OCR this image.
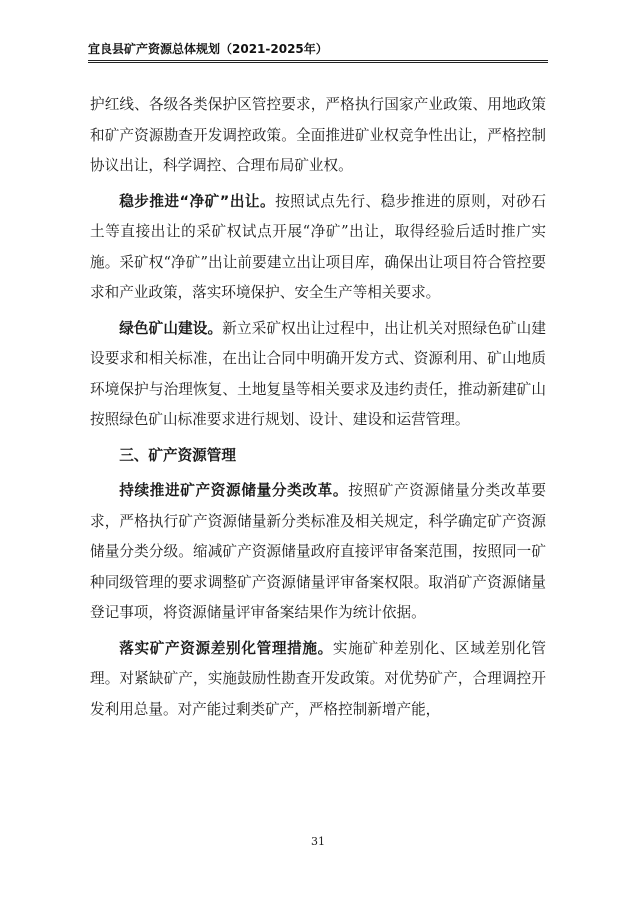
宜良县矿产资源总体规划（2021-2025年）

护红线、各级各类保护区管控要求，严格执行国家产业政策、用地政策和矿产资源勘查开发调控政策。全面推进矿业权竞争性出让，严格控制协议出让，科学调控、合理布局矿业权。

稳步推进“净矿”出让。按照试点先行、稳步推进的原则，对砂石土等直接出让的采矿权试点开展“净矿”出让，取得经验后适时推广实施。采矿权“净矿”出让前要建立出让项目库，确保出让项目符合管控要求和产业政策，落实环境保护、安全生产等相关要求。

绿色矿山建设。新立采矿权出让过程中，出让机关对照绿色矿山建设要求和相关标准，在出让合同中明确开发方式、资源利用、矿山地质环境保护与治理恢复、土地复垦等相关要求及违约责任，推动新建矿山按照绿色矿山标准要求进行规划、设计、建设和运营管理。

三、矿产资源管理

持续推进矿产资源储量分类改革。按照矿产资源储量分类改革要求，严格执行矿产资源储量新分类标准及相关规定，科学确定矿产资源储量分类分级。缩减矿产资源储量政府直接评审备案范围，按照同一矿种同级管理的要求调整矿产资源储量评审备案权限。取消矿产资源储量登记事项，将资源储量评审备案结果作为统计依据。

落实矿产资源差别化管理措施。实施矿种差别化、区域差别化管理。对紧缺矿产，实施鼓励性勘查开发政策。对优势矿产，合理调控开发利用总量。对产能过剩类矿产，严格控制新增产能，

31
